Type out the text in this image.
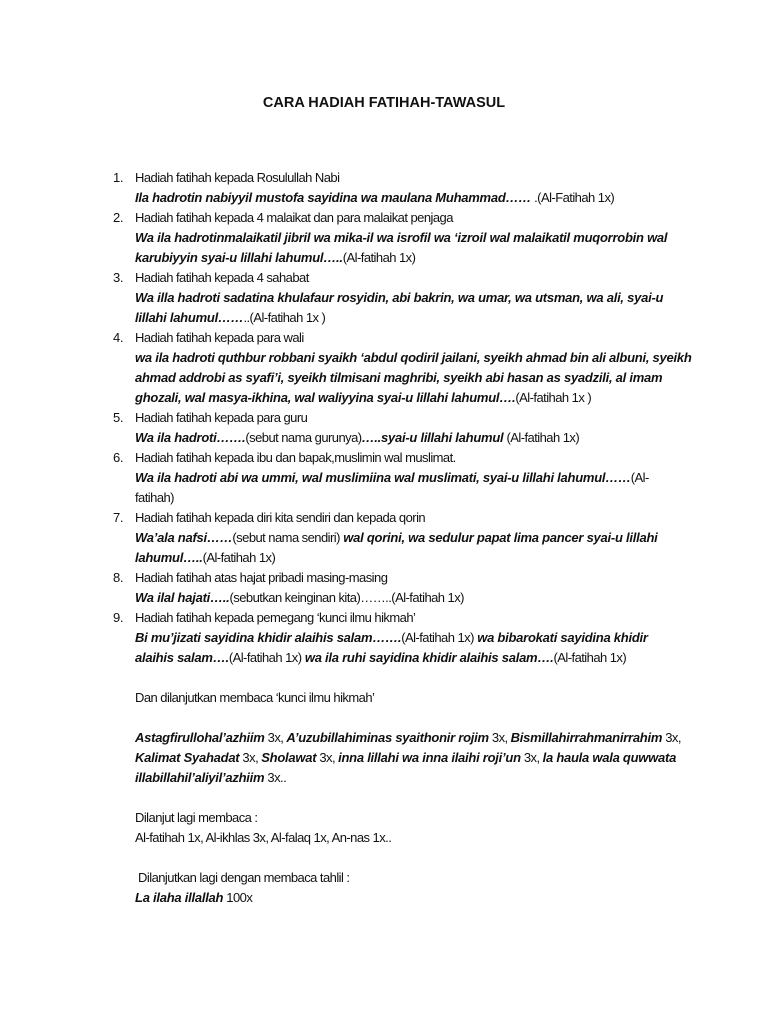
CARA HADIAH FATIHAH-TAWASUL
1. Hadiah fatihah kepada Rosulullah Nabi
Ila hadrotin nabiyyil mustofa sayidina wa maulana Muhammad…… .(Al-Fatihah 1x)
2. Hadiah fatihah kepada 4 malaikat dan para malaikat penjaga
Wa ila hadrotinmalaikatil jibril wa mika-il wa isrofil wa ‘izroil wal malaikatil muqorrobin wal
karubiyyin syai-u lillahi lahumul…..(Al-fatihah 1x)
3. Hadiah fatihah kepada 4 sahabat
Wa illa hadroti sadatina khulafaur rosyidin, abi bakrin, wa umar, wa utsman, wa ali, syai-u
lillahi lahumul……..(Al-fatihah 1x )
4. Hadiah fatihah kepada para wali
wa ila hadroti quthbur robbani syaikh ‘abdul qodiril jailani, syeikh ahmad bin ali albuni, syeikh
ahmad addrobi as syafi’i, syeikh tilmisani maghribi, syeikh abi hasan as syadzili, al imam
ghozali, wal masya-ikhina, wal waliyyina syai-u lillahi lahumul….(Al-fatihah 1x )
5. Hadiah fatihah kepada para guru
Wa ila hadroti…….(sebut nama gurunya)…..syai-u lillahi lahumul (Al-fatihah 1x)
6. Hadiah fatihah kepada ibu dan bapak,muslimin wal muslimat.
Wa ila hadroti abi wa ummi, wal muslimiina wal muslimati, syai-u lillahi lahumul……(Al-
fatihah)
7. Hadiah fatihah kepada diri kita sendiri dan kepada qorin
Wa’ala nafsi……(sebut nama sendiri) wal qorini, wa sedulur papat lima pancer syai-u lillahi
lahumul…..(Al-fatihah 1x)
8. Hadiah fatihah atas hajat pribadi masing-masing
Wa ilal hajati…..(sebutkan keinginan kita)……..(Al-fatihah 1x)
9. Hadiah fatihah kepada pemegang ‘kunci ilmu hikmah’
Bi mu’jizati sayidina khidir alaihis salam…….(Al-fatihah 1x) wa bibarokati sayidina khidir
alaihis salam….(Al-fatihah 1x) wa ila ruhi sayidina khidir alaihis salam….(Al-fatihah 1x)
Dan dilanjutkan membaca ‘kunci ilmu hikmah’
Astagfirullohal’azhiim 3x, A’uzubillahiminas syaithonir rojim 3x, Bismillahirrahmanirrahim 3x,
Kalimat Syahadat 3x, Sholawat 3x, inna lillahi wa inna ilaihi roji’un 3x, la haula wala quwwata
illabillahil’aliyil’azhiim 3x..
Dilanjut lagi membaca :
Al-fatihah 1x, Al-ikhlas 3x, Al-falaq 1x, An-nas 1x..
Dilanjutkan lagi dengan membaca tahlil :
La ilaha illallah 100x
